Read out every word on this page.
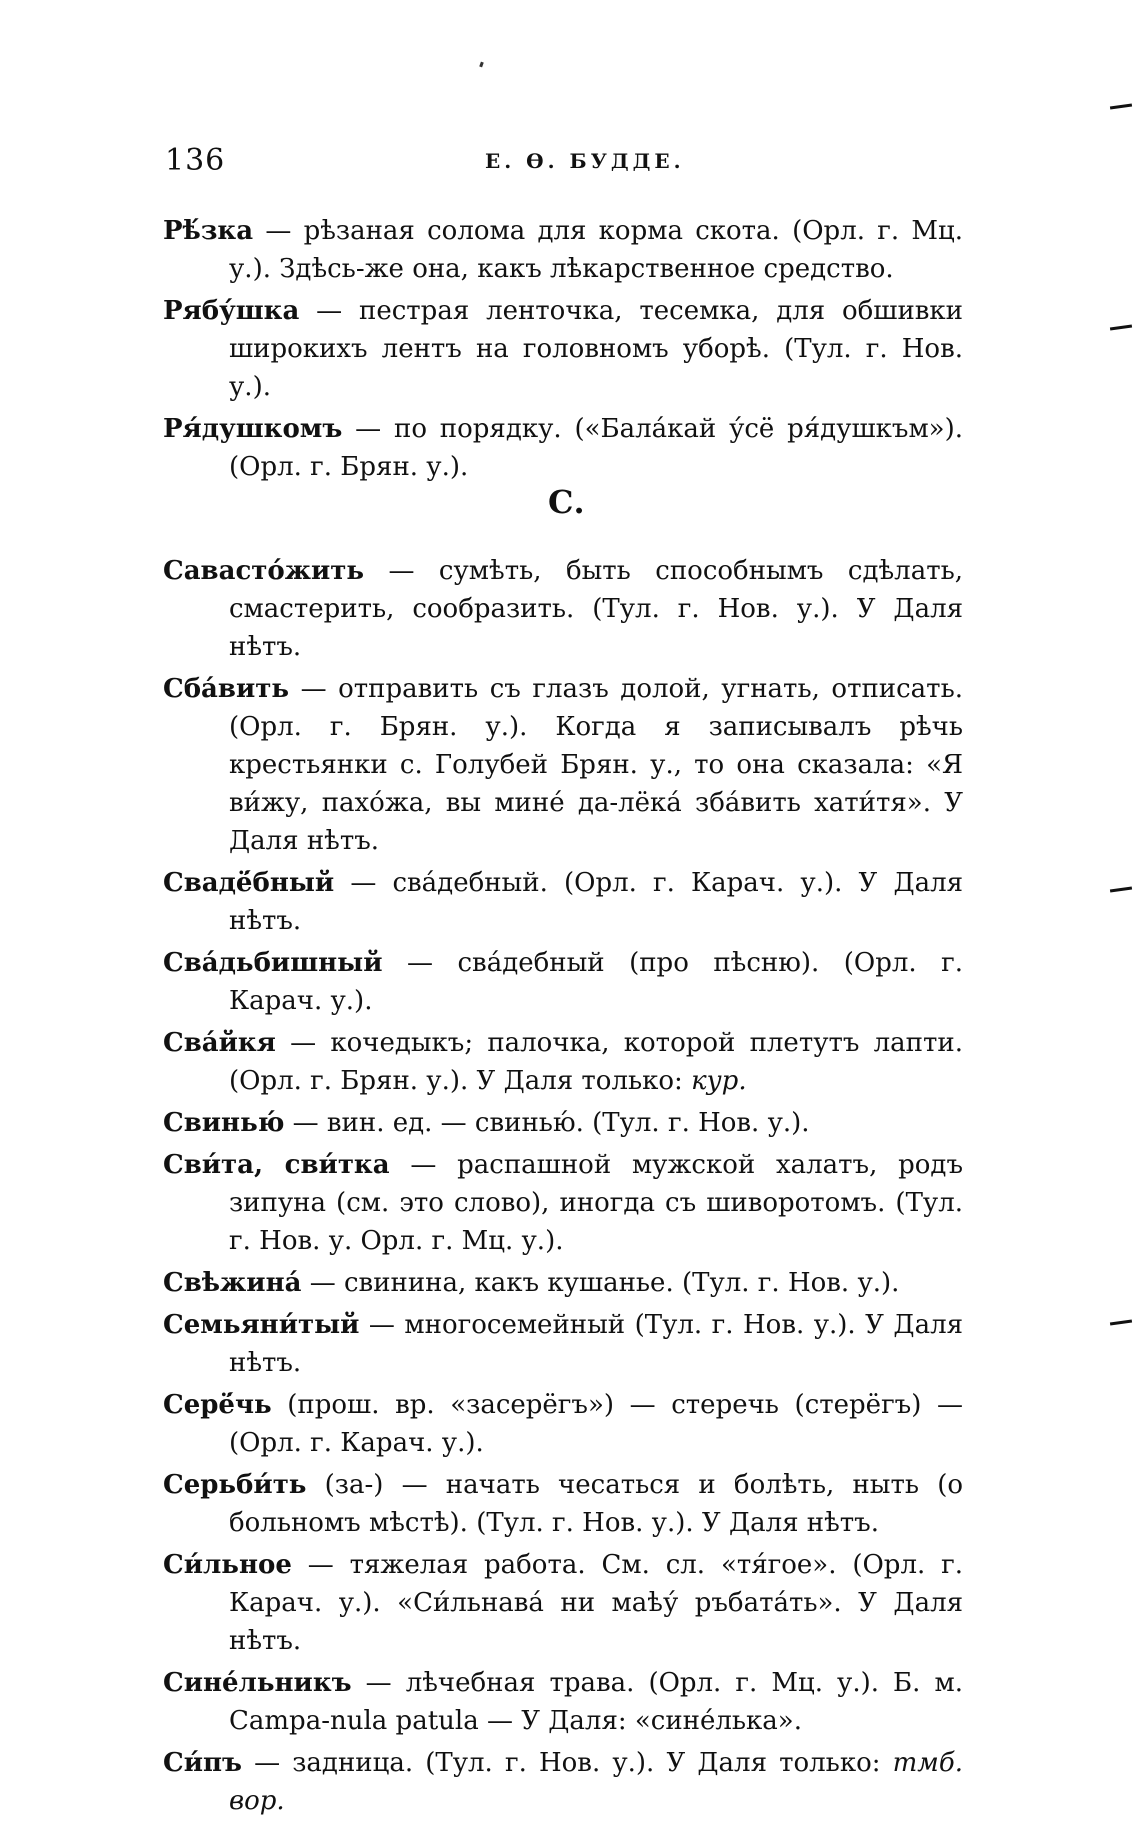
136	Е. Ѳ. БУДДЕ.

Рѣ́зка — рѣзаная солома для корма скота. (Орл. г. Мц. у.). Здѣсь-же она, какъ лѣкарственное средство.

Рябу́шка — пестрая ленточка, тесемка, для обшивки широкихъ лентъ на головномъ уборѣ. (Тул. г. Нов. у.).

Ря́душкомъ — по порядку. («Бала́кай у́сё ря́душкъм»). (Орл. г. Брян. у.).

С.

Савасто́жить — сумѣть, быть способнымъ сдѣлать, смастерить, сообразить. (Тул. г. Нов. у.). У Даля нѣтъ.

Сба́вить — отправить съ глазъ долой, угнать, отписать. (Орл. г. Брян. у.). Когда я записывалъ рѣчь крестьянки с. Голубей Брян. у., то она сказала: «Я ви́жу, пахо́жа, вы мине́ да-лёка́ зба́вить хати́тя». У Даля нѣтъ.

Свадё́бный — сва́дебный. (Орл. г. Карач. у.). У Даля нѣтъ.

Сва́дьбишный — сва́дебный (про пѣсню). (Орл. г. Карач. у.).

Сва́йкя — кочедыкъ; палочка, которой плетутъ лапти. (Орл. г. Брян. у.). У Даля только: кур.

Свинью́ — вин. ед. — свинью́. (Тул. г. Нов. у.).

Сви́та, сви́тка — распашной мужской халатъ, родъ зипуна (см. это слово), иногда съ шиворотомъ. (Тул. г. Нов. у. Орл. г. Мц. у.).

Свѣжина́ — свинина, какъ кушанье. (Тул. г. Нов. у.).

Семьяни́тый — многосемейный (Тул. г. Нов. у.). У Даля нѣтъ.

Серё́чь (прош. вр. «засерёгъ») — стеречь (стерёгъ) — (Орл. г. Карач. у.).

Серьби́ть (за-) — начать чесаться и болѣть, ныть (о больномъ мѣстѣ). (Тул. г. Нов. у.). У Даля нѣтъ.

Си́льное — тяжелая работа. См. сл. «тя́гое». (Орл. г. Карач. у.). «Си́льнава́ ни маѣу́ ръбата́ть». У Даля нѣтъ.

Сине́льникъ — лѣчебная трава. (Орл. г. Мц. у.). Б. м. Campa-nula patula — У Даля: «сине́лька».

Си́пъ — задница. (Тул. г. Нов. у.). У Даля только: тмб. вор.
